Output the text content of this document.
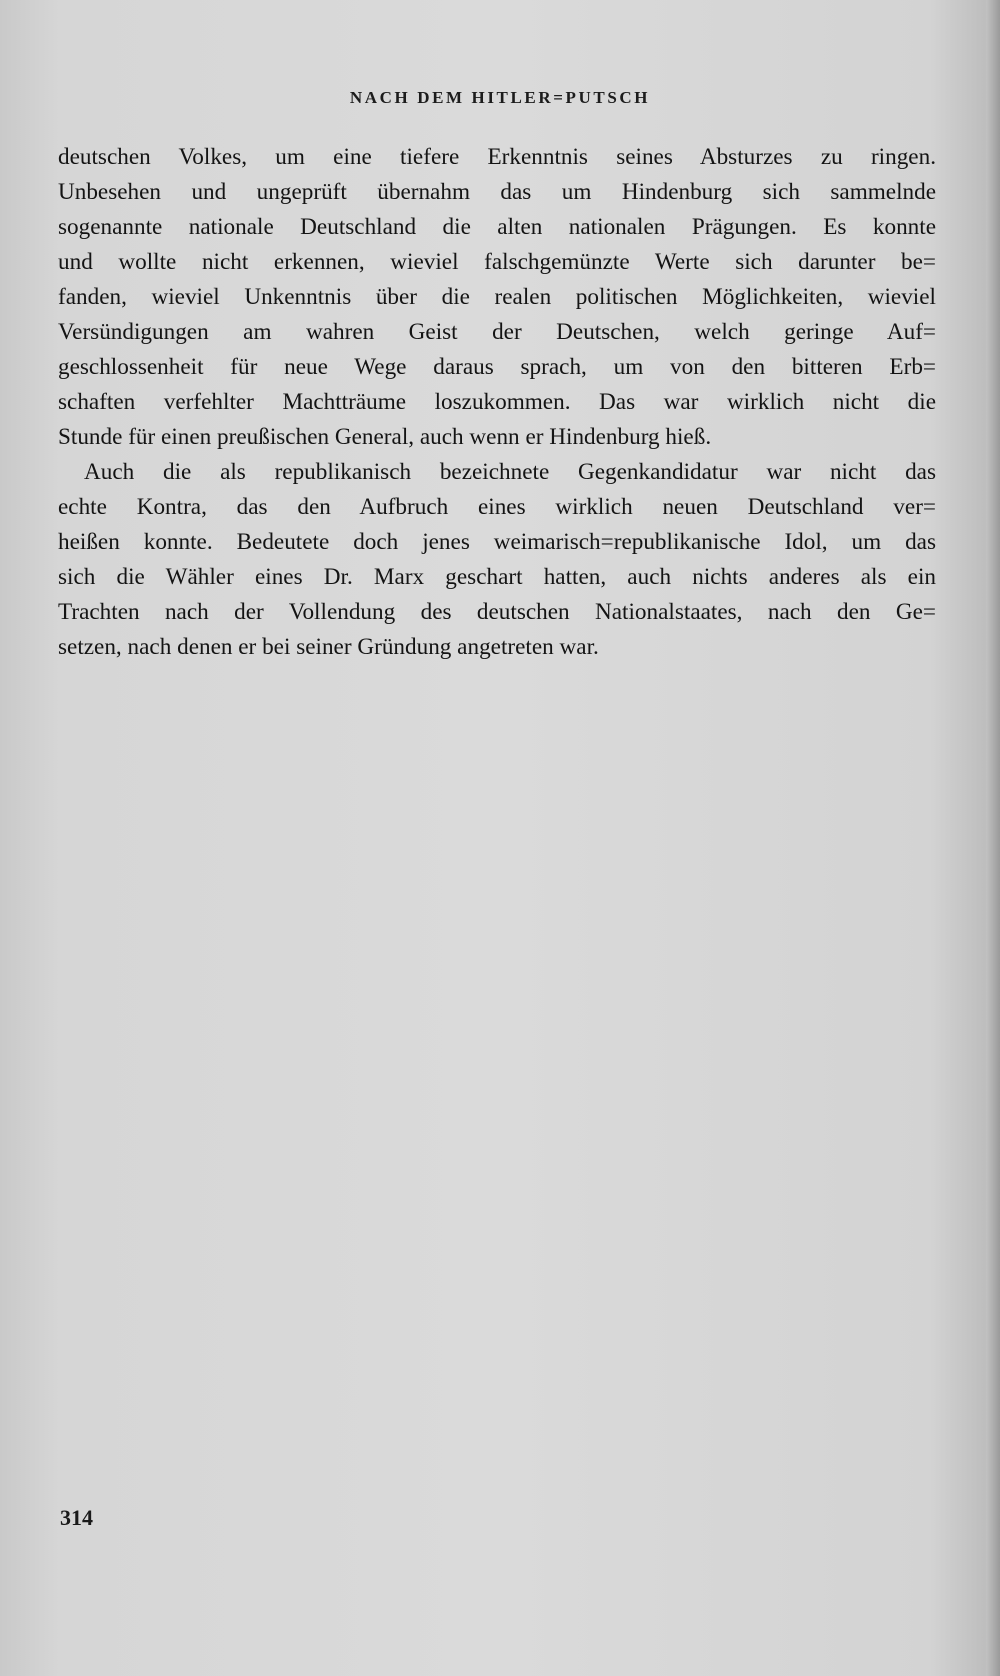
NACH DEM HITLER=PUTSCH
deutschen Volkes, um eine tiefere Erkenntnis seines Absturzes zu ringen.
Unbesehen und ungeprüft übernahm das um Hindenburg sich sammelnde
sogenannte nationale Deutschland die alten nationalen Prägungen. Es konnte
und wollte nicht erkennen, wieviel falschgemünzte Werte sich darunter be=
fanden, wieviel Unkenntnis über die realen politischen Möglichkeiten, wieviel
Versündigungen am wahren Geist der Deutschen, welch geringe Auf=
geschlossenheit für neue Wege daraus sprach, um von den bitteren Erb=
schaften verfehlter Machtträume loszukommen. Das war wirklich nicht die
Stunde für einen preußischen General, auch wenn er Hindenburg hieß.
Auch die als republikanisch bezeichnete Gegenkandidatur war nicht das
echte Kontra, das den Aufbruch eines wirklich neuen Deutschland ver=
heißen konnte. Bedeutete doch jenes weimarisch=republikanische Idol, um das
sich die Wähler eines Dr. Marx geschart hatten, auch nichts anderes als ein
Trachten nach der Vollendung des deutschen Nationalstaates, nach den Ge=
setzen, nach denen er bei seiner Gründung angetreten war.
314
